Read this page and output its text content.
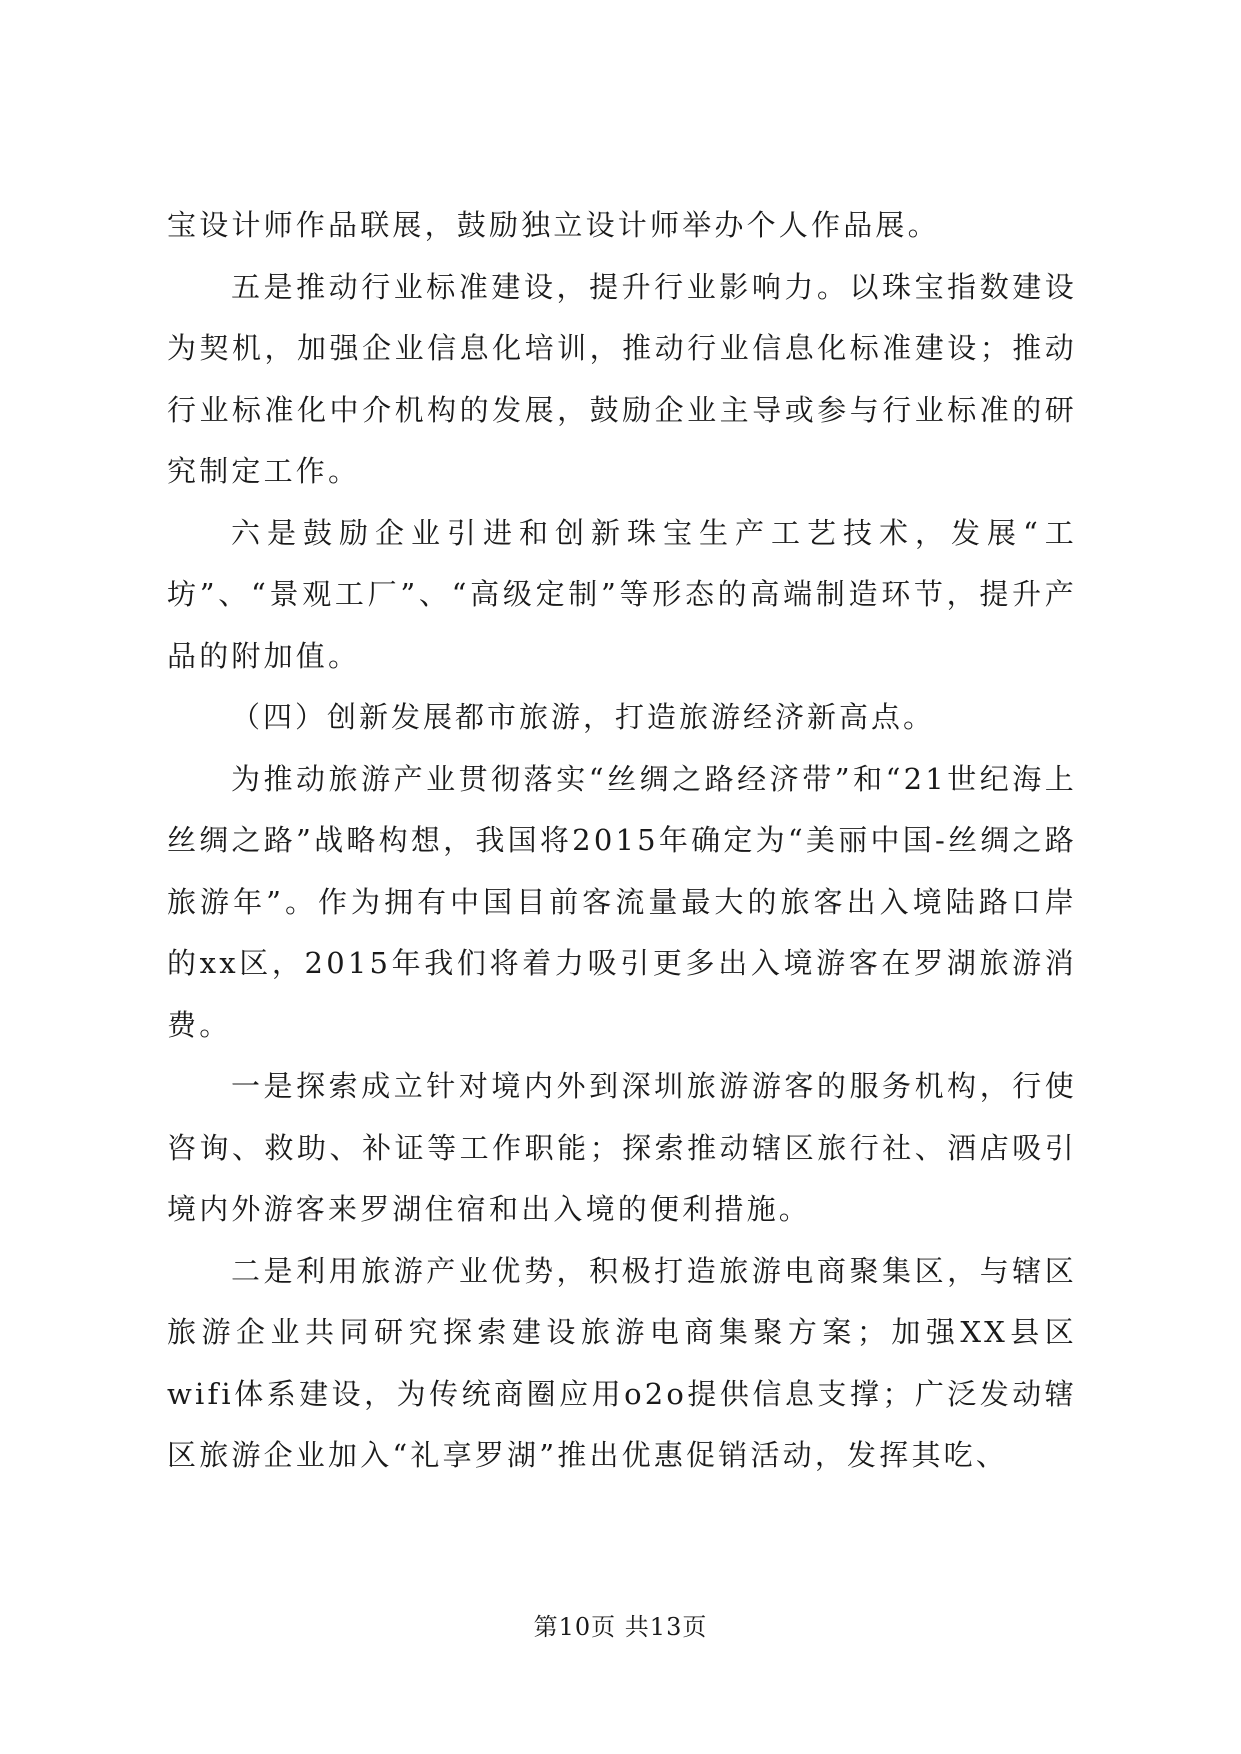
宝设计师作品联展，鼓励独立设计师举办个人作品展。

五是推动行业标准建设，提升行业影响力。以珠宝指数建设为契机，加强企业信息化培训，推动行业信息化标准建设；推动行业标准化中介机构的发展，鼓励企业主导或参与行业标准的研究制定工作。

六是鼓励企业引进和创新珠宝生产工艺技术，发展“工坊”、“景观工厂”、“高级定制”等形态的高端制造环节，提升产品的附加值。

（四）创新发展都市旅游，打造旅游经济新高点。

为推动旅游产业贯彻落实“丝绸之路经济带”和“21世纪海上丝绸之路”战略构想，我国将2015年确定为“美丽中国-丝绸之路旅游年”。作为拥有中国目前客流量最大的旅客出入境陆路口岸的xx区，2015年我们将着力吸引更多出入境游客在罗湖旅游消费。

一是探索成立针对境内外到深圳旅游游客的服务机构，行使咨询、救助、补证等工作职能；探索推动辖区旅行社、酒店吸引境内外游客来罗湖住宿和出入境的便利措施。

二是利用旅游产业优势，积极打造旅游电商聚集区，与辖区旅游企业共同研究探索建设旅游电商集聚方案；加强XX县区wifi体系建设，为传统商圈应用o2o提供信息支撑；广泛发动辖区旅游企业加入“礼享罗湖”推出优惠促销活动，发挥其吃、

第10页 共13页
